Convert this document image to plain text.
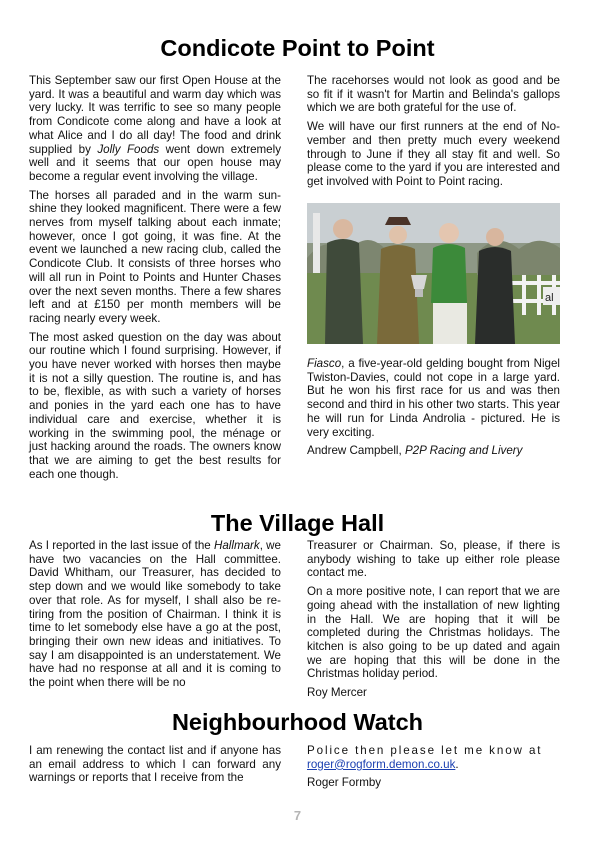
Condicote Point to Point

This September saw our first Open House at the yard. It was a beautiful and warm day which was very lucky. It was terrific to see so many people from Condicote come along and have a look at what Alice and I do all day! The food and drink supplied by Jolly Foods went down extremely well and it seems that our open house may become a regular event involving the village.

The horses all paraded and in the warm sunshine they looked magnificent. There were a few nerves from myself talking about each inmate; however, once I got going, it was fine. At the event we launched a new racing club, called the Condicote Club. It consists of three horses who will all run in Point to Points and Hunter Chases over the next seven months. There a few shares left and at £150 per month members will be racing nearly every week.

The most asked question on the day was about our routine which I found surprising. However, if you have never worked with horses then maybe it is not a silly question. The routine is, and has to be, flexible, as with such a variety of horses and ponies in the yard each one has to have individual care and exercise, whether it is working in the swimming pool, the ménage or just hacking around the roads. The owners know that we are aiming to get the best results for each one though.

The racehorses would not look as good and be so fit if it wasn't for Martin and Belinda's gallops which we are both grateful for the use of.

We will have our first runners at the end of November and then pretty much every weekend through to June if they all stay fit and well. So please come to the yard if you are interested and get involved with Point to Point racing.

al

Fiasco, a five-year-old gelding bought from Nigel Twiston-Davies, could not cope in a large yard. But he won his first race for us and was then second and third in his other two starts. This year he will run for Linda Androlia - pictured. He is very exciting.

Andrew Campbell, P2P Racing and Livery

The Village Hall

As I reported in the last issue of the Hallmark, we have two vacancies on the Hall committee. David Whitham, our Treasurer, has decided to step down and we would like somebody to take over that role. As for myself, I shall also be retiring from the position of Chairman. I think it is time to let somebody else have a go at the post, bringing their own new ideas and initiatives. To say I am disappointed is an understatement. We have had no response at all and it is coming to the point when there will be no

Treasurer or Chairman. So, please, if there is anybody wishing to take up either role please contact me.

On a more positive note, I can report that we are going ahead with the installation of new lighting in the Hall. We are hoping that it will be completed during the Christmas holidays. The kitchen is also going to be up dated and again we are hoping that this will be done in the Christmas holiday period.

Roy Mercer

Neighbourhood Watch

I am renewing the contact list and if anyone has an email address to which I can forward any warnings or reports that I receive from the

Police then please let me know at

roger@rogform.demon.co.uk.

Roger Formby

7
